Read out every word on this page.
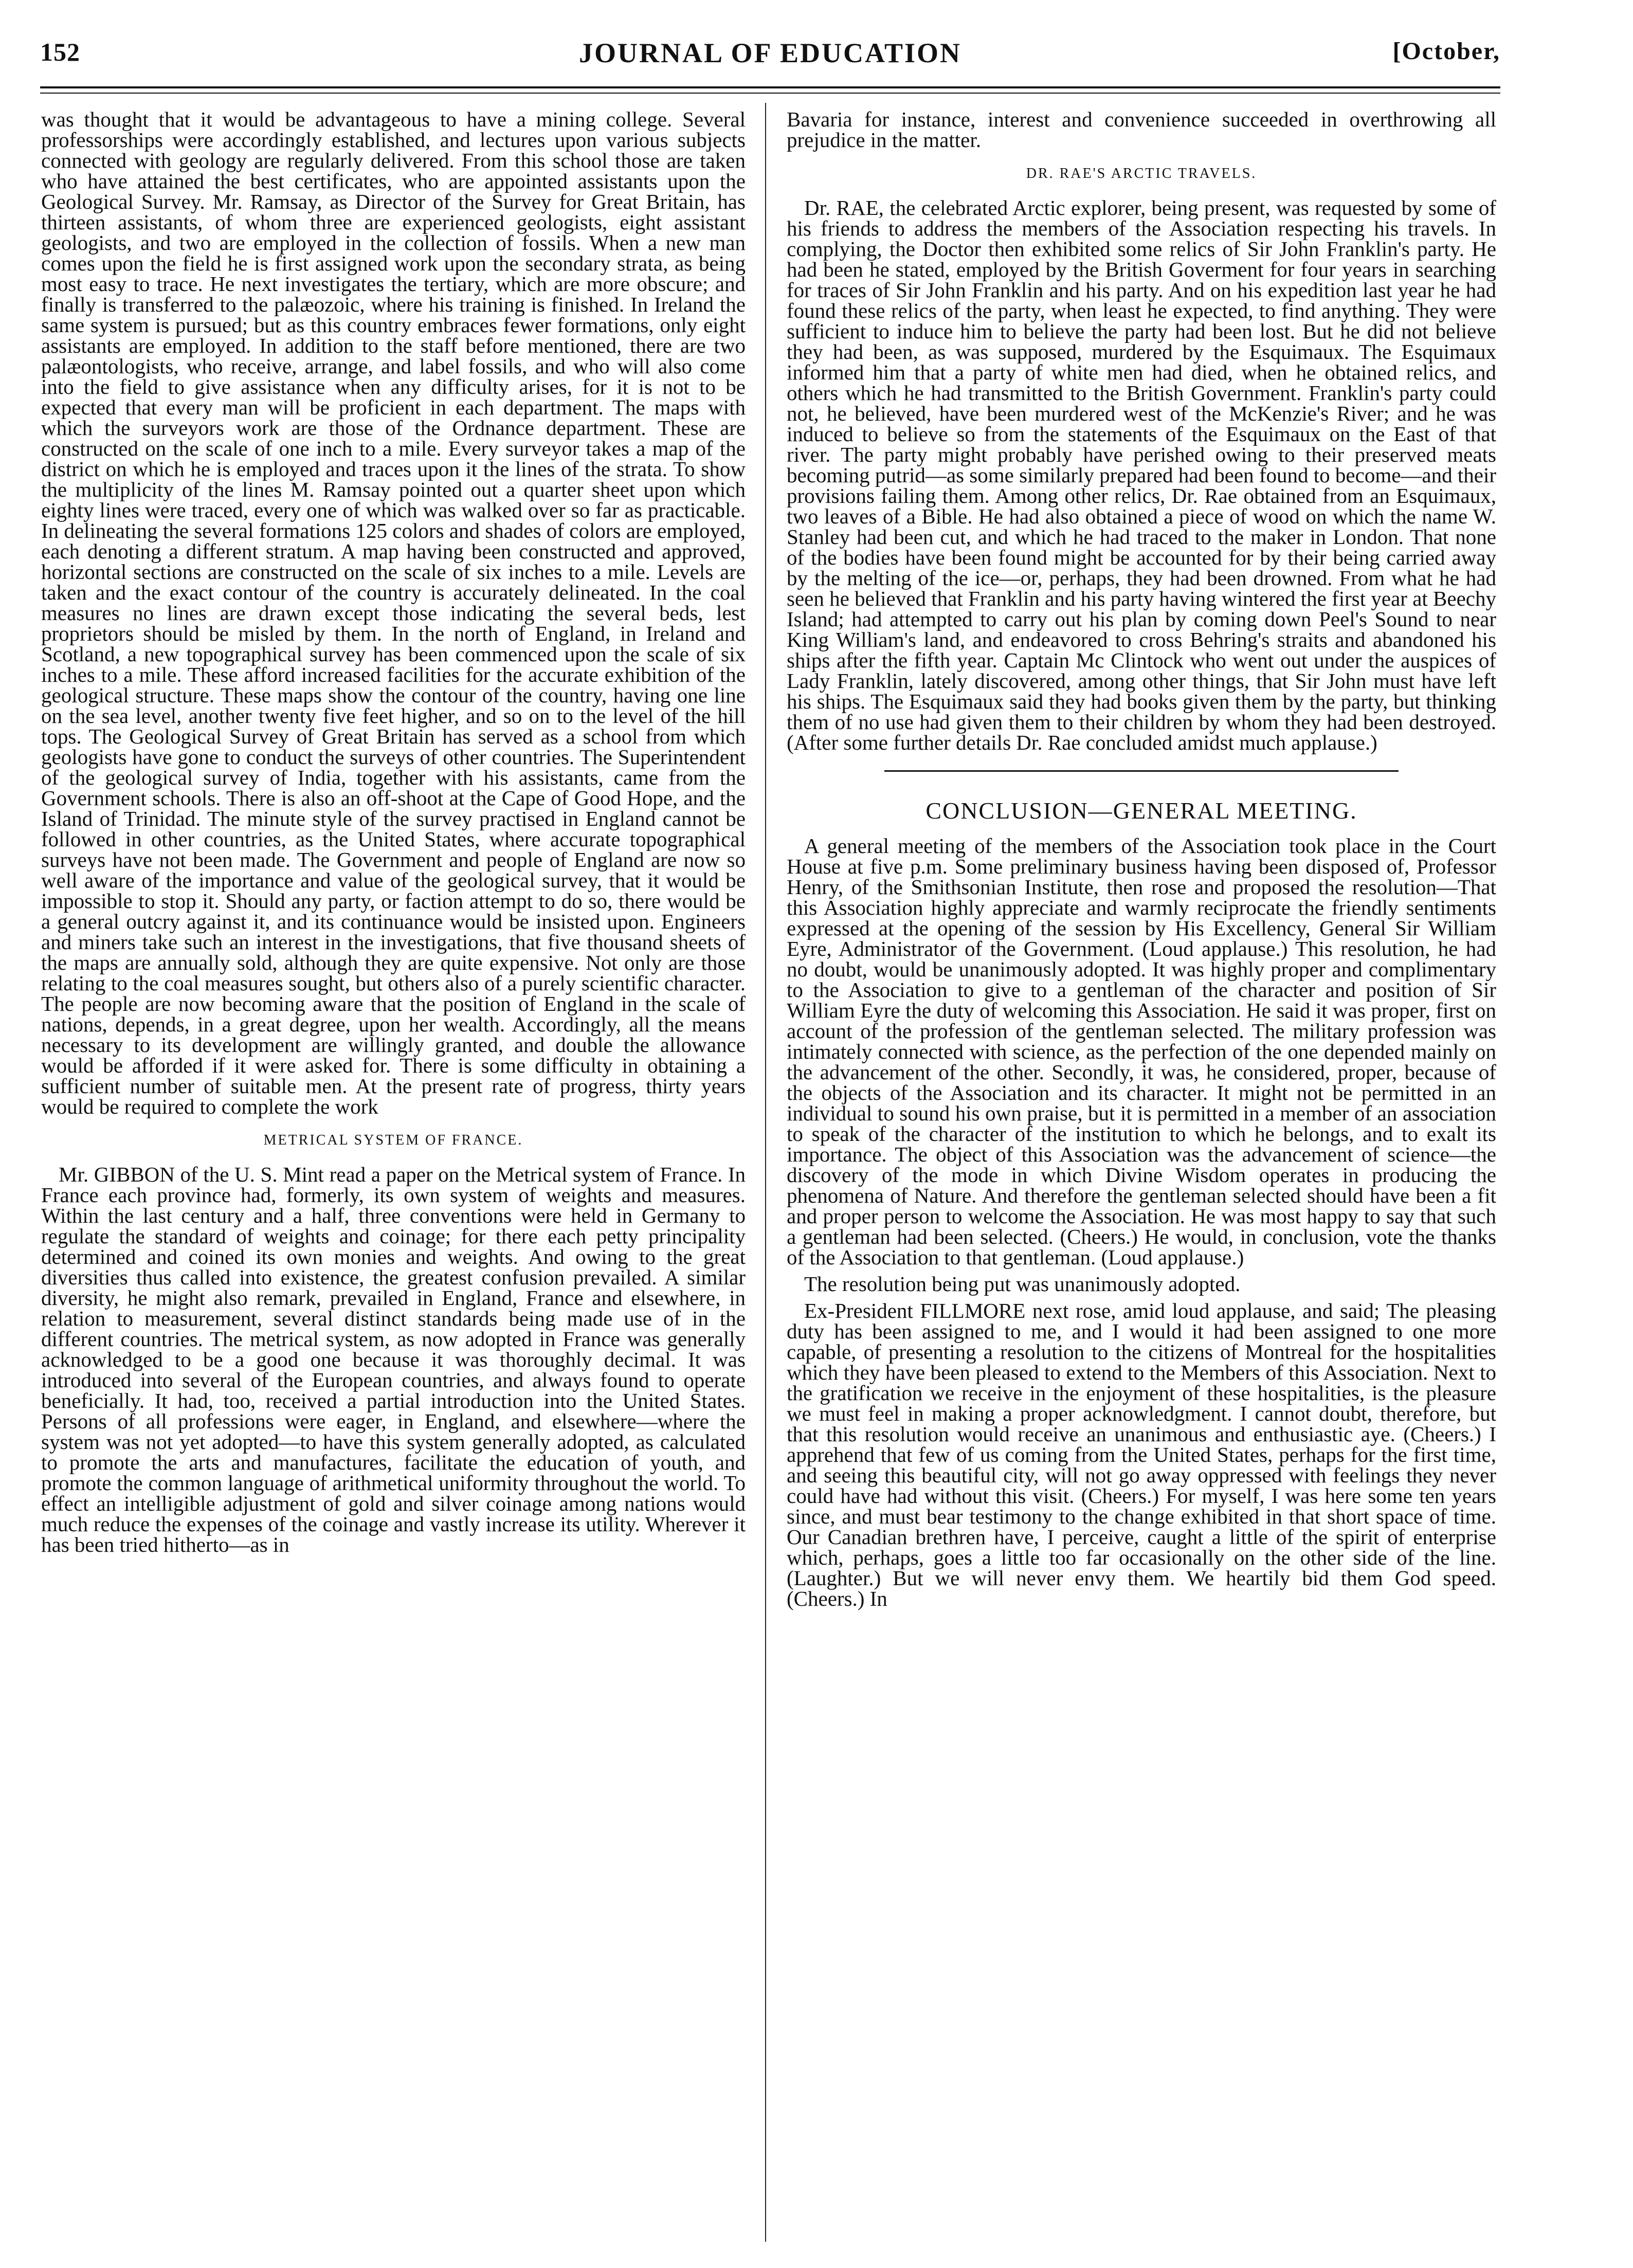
152	JOURNAL OF EDUCATION	[October,

was thought that it would be advantageous to have a mining college. Several professorships were accordingly established, and lectures upon various subjects connected with geology are regularly delivered. From this school those are taken who have attained the best certificates, who are appointed assistants upon the Geological Survey. Mr. Ramsay, as Director of the Survey for Great Britain, has thirteen assistants, of whom three are experienced geologists, eight assistant geologists, and two are employed in the collection of fossils. When a new man comes upon the field he is first assigned work upon the secondary strata, as being most easy to trace. He next investigates the tertiary, which are more obscure; and finally is transferred to the palæozoic, where his training is finished. In Ireland the same system is pursued; but as this country embraces fewer formations, only eight assistants are employed. In addition to the staff before mentioned, there are two palæontologists, who receive, arrange, and label fossils, and who will also come into the field to give assistance when any difficulty arises, for it is not to be expected that every man will be proficient in each department. The maps with which the surveyors work are those of the Ordnance department. These are constructed on the scale of one inch to a mile. Every surveyor takes a map of the district on which he is employed and traces upon it the lines of the strata. To show the multiplicity of the lines M. Ramsay pointed out a quarter sheet upon which eighty lines were traced, every one of which was walked over so far as practicable. In delineating the several formations 125 colors and shades of colors are employed, each denoting a different stratum. A map having been constructed and approved, horizontal sections are constructed on the scale of six inches to a mile. Levels are taken and the exact contour of the country is accurately delineated. In the coal measures no lines are drawn except those indicating the several beds, lest proprietors should be misled by them. In the north of England, in Ireland and Scotland, a new topographical survey has been commenced upon the scale of six inches to a mile. These afford increased facilities for the accurate exhibition of the geological structure. These maps show the contour of the country, having one line on the sea level, another twenty five feet higher, and so on to the level of the hill tops. The Geological Survey of Great Britain has served as a school from which geologists have gone to conduct the surveys of other countries. The Superintendent of the geological survey of India, together with his assistants, came from the Government schools. There is also an off-shoot at the Cape of Good Hope, and the Island of Trinidad. The minute style of the survey practised in England cannot be followed in other countries, as the United States, where accurate topographical surveys have not been made. The Government and people of England are now so well aware of the importance and value of the geological survey, that it would be impossible to stop it. Should any party, or faction attempt to do so, there would be a general outcry against it, and its continuance would be insisted upon. Engineers and miners take such an interest in the investigations, that five thousand sheets of the maps are annually sold, although they are quite expensive. Not only are those relating to the coal measures sought, but others also of a purely scientific character. The people are now becoming aware that the position of England in the scale of nations, depends, in a great degree, upon her wealth. Accordingly, all the means necessary to its development are willingly granted, and double the allowance would be afforded if it were asked for. There is some difficulty in obtaining a sufficient number of suitable men. At the present rate of progress, thirty years would be required to complete the work

METRICAL SYSTEM OF FRANCE.

Mr. GIBBON of the U. S. Mint read a paper on the Metrical system of France. In France each province had, formerly, its own system of weights and measures. Within the last century and a half, three conventions were held in Germany to regulate the standard of weights and coinage; for there each petty principality determined and coined its own monies and weights. And owing to the great diversities thus called into existence, the greatest confusion prevailed. A similar diversity, he might also remark, prevailed in England, France and elsewhere, in relation to measurement, several distinct standards being made use of in the different countries. The metrical system, as now adopted in France was generally acknowledged to be a good one because it was thoroughly decimal. It was introduced into several of the European countries, and always found to operate beneficially. It had, too, received a partial introduction into the United States. Persons of all professions were eager, in England, and elsewhere—where the system was not yet adopted—to have this system generally adopted, as calculated to promote the arts and manufactures, facilitate the education of youth, and promote the common language of arithmetical uniformity throughout the world. To effect an intelligible adjustment of gold and silver coinage among nations would much reduce the expenses of the coinage and vastly increase its utility. Wherever it has been tried hitherto—as in

Bavaria for instance, interest and convenience succeeded in overthrowing all prejudice in the matter.

DR. RAE'S ARCTIC TRAVELS.

Dr. RAE, the celebrated Arctic explorer, being present, was requested by some of his friends to address the members of the Association respecting his travels. In complying, the Doctor then exhibited some relics of Sir John Franklin's party. He had been he stated, employed by the British Goverment for four years in searching for traces of Sir John Franklin and his party. And on his expedition last year he had found these relics of the party, when least he expected, to find anything. They were sufficient to induce him to believe the party had been lost. But he did not believe they had been, as was supposed, murdered by the Esquimaux. The Esquimaux informed him that a party of white men had died, when he obtained relics, and others which he had transmitted to the British Government. Franklin's party could not, he believed, have been murdered west of the McKenzie's River; and he was induced to believe so from the statements of the Esquimaux on the East of that river. The party might probably have perished owing to their preserved meats becoming putrid—as some similarly prepared had been found to become—and their provisions failing them. Among other relics, Dr. Rae obtained from an Esquimaux, two leaves of a Bible. He had also obtained a piece of wood on which the name W. Stanley had been cut, and which he had traced to the maker in London. That none of the bodies have been found might be accounted for by their being carried away by the melting of the ice—or, perhaps, they had been drowned. From what he had seen he believed that Franklin and his party having wintered the first year at Beechy Island; had attempted to carry out his plan by coming down Peel's Sound to near King William's land, and endeavored to cross Behring's straits and abandoned his ships after the fifth year. Captain Mc Clintock who went out under the auspices of Lady Franklin, lately discovered, among other things, that Sir John must have left his ships. The Esquimaux said they had books given them by the party, but thinking them of no use had given them to their children by whom they had been destroyed. (After some further details Dr. Rae concluded amidst much applause.)

CONCLUSION—GENERAL MEETING.

A general meeting of the members of the Association took place in the Court House at five p.m. Some preliminary business having been disposed of, Professor Henry, of the Smithsonian Institute, then rose and proposed the resolution—That this Association highly appreciate and warmly reciprocate the friendly sentiments expressed at the opening of the session by His Excellency, General Sir William Eyre, Administrator of the Government. (Loud applause.) This resolution, he had no doubt, would be unanimously adopted. It was highly proper and complimentary to the Association to give to a gentleman of the character and position of Sir William Eyre the duty of welcoming this Association. He said it was proper, first on account of the profession of the gentleman selected. The military profession was intimately connected with science, as the perfection of the one depended mainly on the advancement of the other. Secondly, it was, he considered, proper, because of the objects of the Association and its character. It might not be permitted in an individual to sound his own praise, but it is permitted in a member of an association to speak of the character of the institution to which he belongs, and to exalt its importance. The object of this Association was the advancement of science—the discovery of the mode in which Divine Wisdom operates in producing the phenomena of Nature. And therefore the gentleman selected should have been a fit and proper person to welcome the Association. He was most happy to say that such a gentleman had been selected. (Cheers.) He would, in conclusion, vote the thanks of the Association to that gentleman. (Loud applause.)

The resolution being put was unanimously adopted.

Ex-President FILLMORE next rose, amid loud applause, and said; The pleasing duty has been assigned to me, and I would it had been assigned to one more capable, of presenting a resolution to the citizens of Montreal for the hospitalities which they have been pleased to extend to the Members of this Association. Next to the gratification we receive in the enjoyment of these hospitalities, is the pleasure we must feel in making a proper acknowledgment. I cannot doubt, therefore, but that this resolution would receive an unanimous and enthusiastic aye. (Cheers.) I apprehend that few of us coming from the United States, perhaps for the first time, and seeing this beautiful city, will not go away oppressed with feelings they never could have had without this visit. (Cheers.) For myself, I was here some ten years since, and must bear testimony to the change exhibited in that short space of time. Our Canadian brethren have, I perceive, caught a little of the spirit of enterprise which, perhaps, goes a little too far occasionally on the other side of the line. (Laughter.) But we will never envy them. We heartily bid them God speed. (Cheers.) In
